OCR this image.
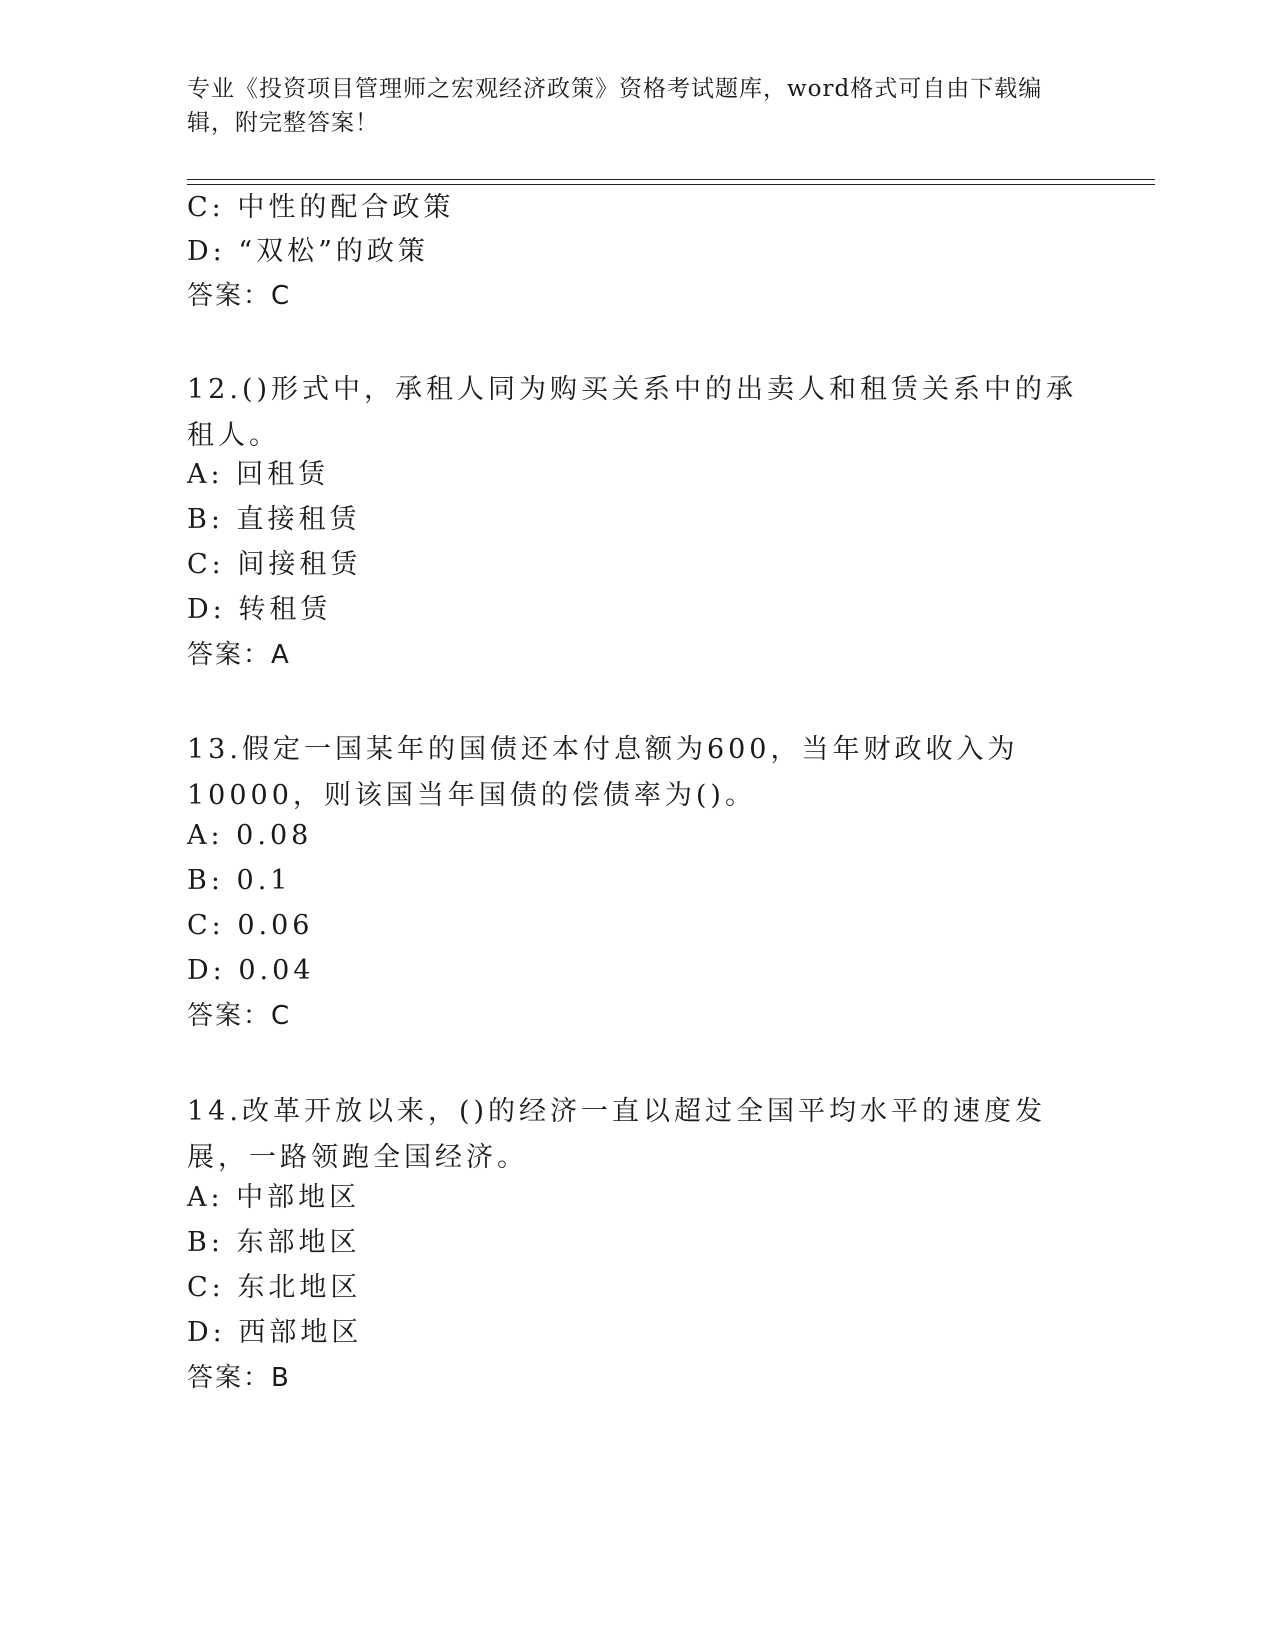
专业《投资项目管理师之宏观经济政策》资格考试题库，word格式可自由下载编辑，附完整答案！
C: 中性的配合政策
D: “双松”的政策
答案：C
12.()形式中，承租人同为购买关系中的出卖人和租赁关系中的承租人。
A: 回租赁
B: 直接租赁
C: 间接租赁
D: 转租赁
答案：A
13.假定一国某年的国债还本付息额为600，当年财政收入为10000，则该国当年国债的偿债率为()。
A: 0.08
B: 0.1
C: 0.06
D: 0.04
答案：C
14.改革开放以来，()的经济一直以超过全国平均水平的速度发展，一路领跑全国经济。
A: 中部地区
B: 东部地区
C: 东北地区
D: 西部地区
答案：B
